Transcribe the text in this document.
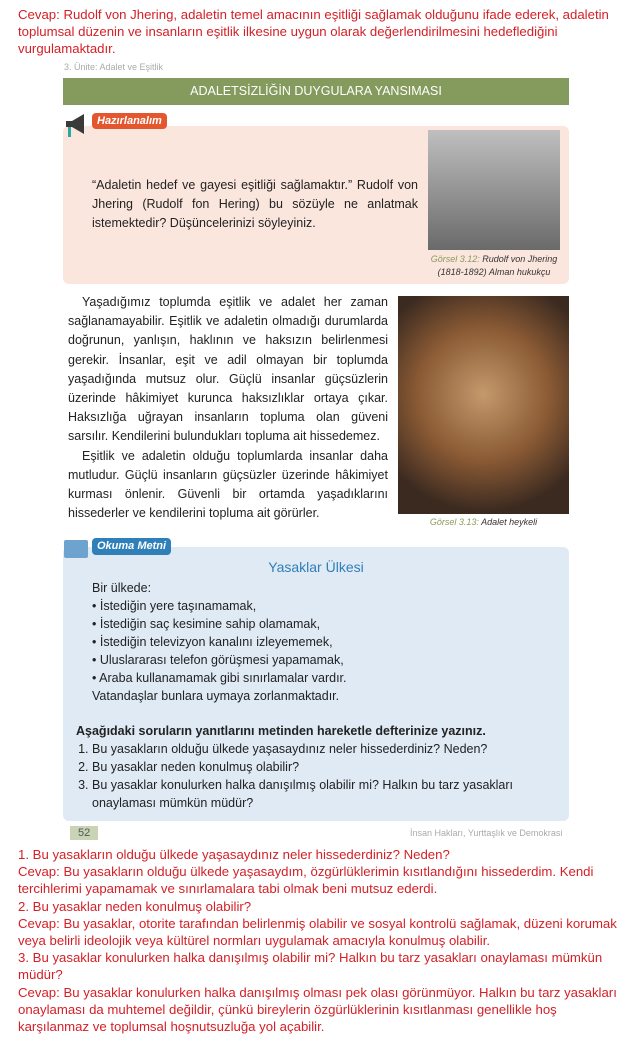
Cevap: Rudolf von Jhering, adaletin temel amacının eşitliği sağlamak olduğunu ifade ederek, adaletin toplumsal düzenin ve insanların eşitlik ilkesine uygun olarak değerlendirilmesini hedeflediğini vurgulamaktadır.
3. Ünite: Adalet ve Eşitlik
ADALETSİZLİĞİN DUYGULARA YANSIMASI
Hazırlanalım
“Adaletin hedef ve gayesi eşitliği sağlamaktır.” Rudolf von Jhering (Rudolf fon Hering) bu sözüyle ne anlatmak istemektedir? Düşüncelerinizi söyleyiniz.
Görsel 3.12: Rudolf von Jhering (1818-1892) Alman hukukçu

Yaşadığımız toplumda eşitlik ve adalet her zaman sağlanamayabilir. Eşitlik ve adaletin olmadığı durumlarda doğrunun, yanlışın, haklının ve haksızın belirlenmesi gerekir. İnsanlar, eşit ve adil olmayan bir toplumda yaşadığında mutsuz olur. Güçlü insanlar güçsüzlerin üzerinde hâkimiyet kurunca haksızlıklar ortaya çıkar. Haksızlığa uğrayan insanların topluma olan güveni sarsılır. Kendilerini bulundukları topluma ait hissedemez.

Eşitlik ve adaletin olduğu toplumlarda insanlar daha mutludur. Güçlü insanların güçsüzler üzerinde hâkimiyet kurması önlenir. Güvenli bir ortamda yaşadıklarını hissederler ve kendilerini topluma ait görürler.

Görsel 3.13: Adalet heykeli
Okuma Metni
Yasaklar Ülkesi
Bir ülkede:
• İstediğin yere taşınamamak,
• İstediğin saç kesimine sahip olamamak,
• İstediğin televizyon kanalını izleyememek,
• Uluslararası telefon görüşmesi yapamamak,
• Araba kullanamamak gibi sınırlamalar vardır.
Vatandaşlar bunlara uymaya zorlanmaktadır.
Aşağıdaki soruların yanıtlarını metinden hareketle defterinize yazınız.
1. Bu yasakların olduğu ülkede yaşasaydınız neler hissederdiniz? Neden?
2. Bu yasaklar neden konulmuş olabilir?
3. Bu yasaklar konulurken halka danışılmış olabilir mi? Halkın bu tarz yasakları onaylaması mümkün müdür?
52	İnsan Hakları, Yurttaşlık ve Demokrasi
1. Bu yasakların olduğu ülkede yaşasaydınız neler hissederdiniz? Neden?
Cevap: Bu yasakların olduğu ülkede yaşasaydım, özgürlüklerimin kısıtlandığını hissederdim. Kendi tercihlerimi yapamamak ve sınırlamalara tabi olmak beni mutsuz ederdi.
2. Bu yasaklar neden konulmuş olabilir?
Cevap: Bu yasaklar, otorite tarafından belirlenmiş olabilir ve sosyal kontrolü sağlamak, düzeni korumak veya belirli ideolojik veya kültürel normları uygulamak amacıyla konulmuş olabilir.
3. Bu yasaklar konulurken halka danışılmış olabilir mi? Halkın bu tarz yasakları onaylaması mümkün müdür?
Cevap: Bu yasaklar konulurken halka danışılmış olması pek olası görünmüyor. Halkın bu tarz yasakları onaylaması da muhtemel değildir, çünkü bireylerin özgürlüklerinin kısıtlanması genellikle hoş karşılanmaz ve toplumsal hoşnutsuzluğa yol açabilir.
